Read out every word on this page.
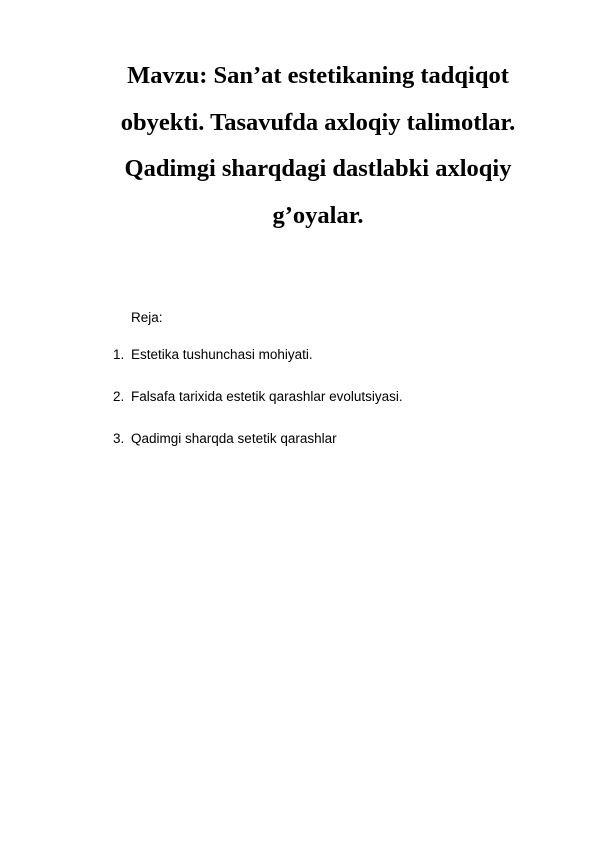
Mavzu: San’at estetikaning tadqiqot
obyekti. Tasavufda axloqiy talimotlar.
Qadimgi sharqdagi dastlabki axloqiy
g’oyalar.
Reja:
1. Estetika tushunchasi mohiyati.
2. Falsafa tarixida estetik qarashlar evolutsiyasi.
3. Qadimgi sharqda setetik qarashlar
